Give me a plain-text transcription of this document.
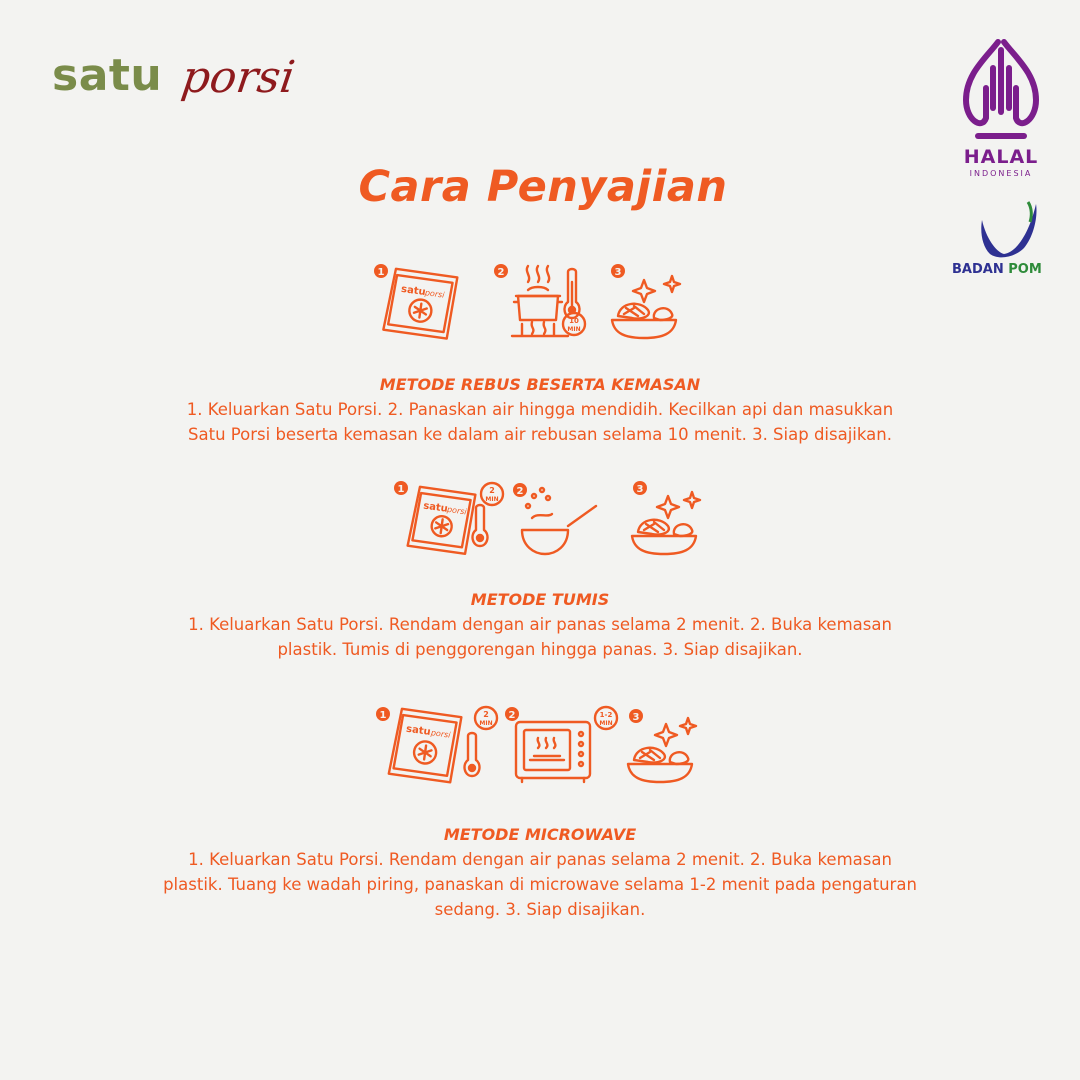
satu porsi
HALAL
INDONESIA
BADAN POM
Cara Penyajian
1
satu
porsi
2
10
MIN
3
METODE REBUS BESERTA KEMASAN
1. Keluarkan Satu Porsi. 2. Panaskan air hingga mendidih. Kecilkan api dan masukkan
Satu Porsi beserta kemasan ke dalam air rebusan selama 10 menit. 3. Siap disajikan.
1
satu
porsi
2
MIN
2	3
METODE TUMIS
1. Keluarkan Satu Porsi. Rendam dengan air panas selama 2 menit. 2. Buka kemasan
plastik. Tumis di penggorengan hingga panas. 3. Siap disajikan.
1
satu
porsi
2
MIN
2	1-2
MIN
3
METODE MICROWAVE
1. Keluarkan Satu Porsi. Rendam dengan air panas selama 2 menit. 2. Buka kemasan
plastik. Tuang ke wadah piring, panaskan di microwave selama 1-2 menit pada pengaturan
sedang. 3. Siap disajikan.
